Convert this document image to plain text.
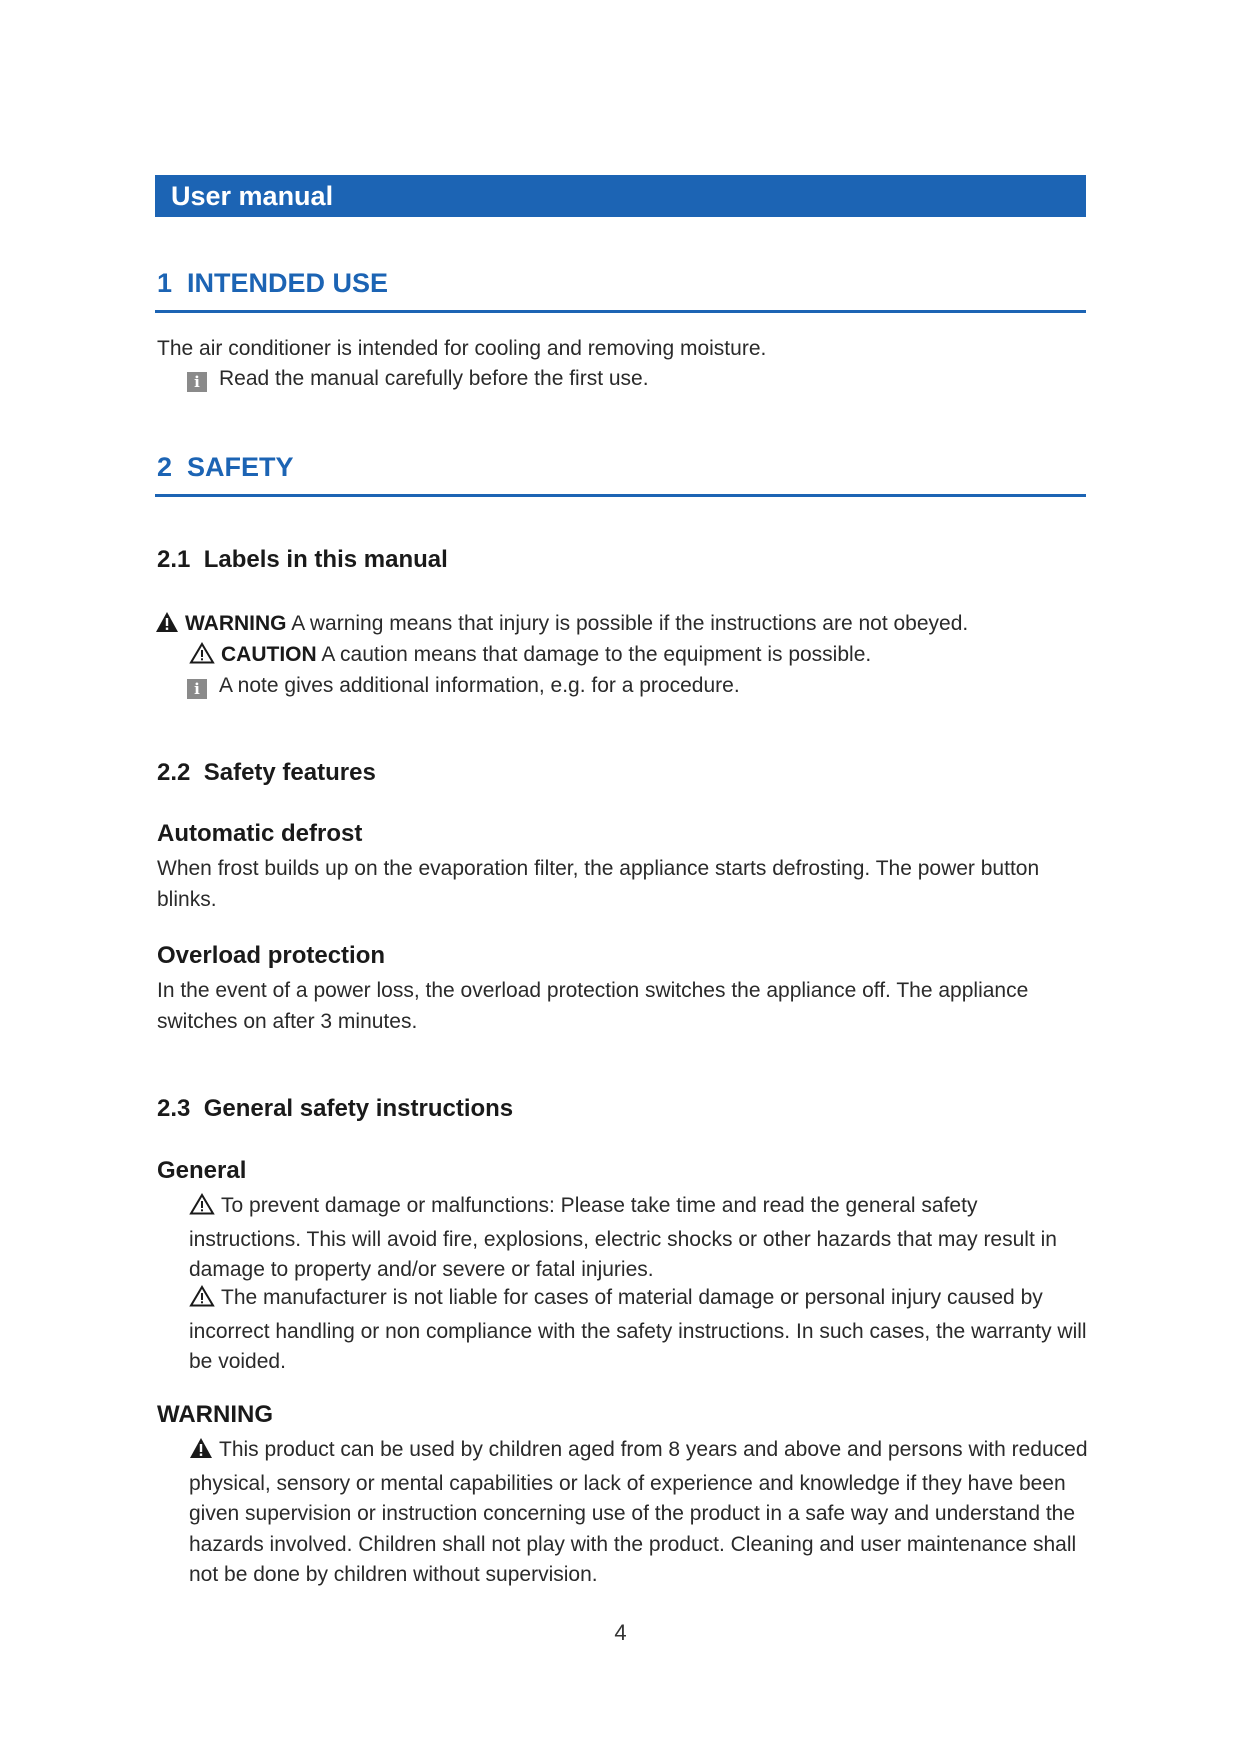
User manual
1 INTENDED USE
The air conditioner is intended for cooling and removing moisture.
i Read the manual carefully before the first use.
2 SAFETY
2.1 Labels in this manual
WARNING A warning means that injury is possible if the instructions are not obeyed.
CAUTION A caution means that damage to the equipment is possible.
i A note gives additional information, e.g. for a procedure.
2.2 Safety features
Automatic defrost
When frost builds up on the evaporation filter, the appliance starts defrosting. The power button blinks.
Overload protection
In the event of a power loss, the overload protection switches the appliance off. The appliance switches on after 3 minutes.
2.3 General safety instructions
General
To prevent damage or malfunctions: Please take time and read the general safety instructions. This will avoid fire, explosions, electric shocks or other hazards that may result in damage to property and/or severe or fatal injuries.
The manufacturer is not liable for cases of material damage or personal injury caused by incorrect handling or non compliance with the safety instructions. In such cases, the warranty will be voided.
WARNING
This product can be used by children aged from 8 years and above and persons with reduced physical, sensory or mental capabilities or lack of experience and knowledge if they have been given supervision or instruction concerning use of the product in a safe way and understand the hazards involved. Children shall not play with the product. Cleaning and user maintenance shall not be done by children without supervision.
4
